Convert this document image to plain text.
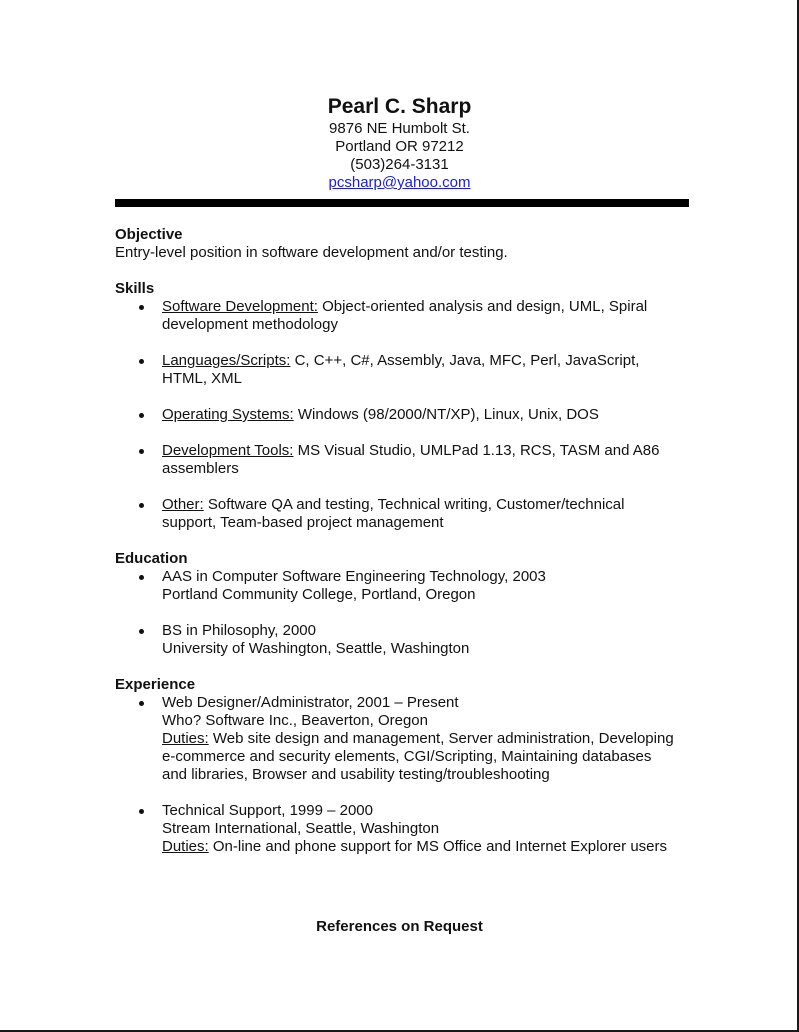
Pearl C. Sharp

9876 NE Humbolt St.

Portland OR 97212

(503)264-3131

pcsharp@yahoo.com

Objective

Entry-level position in software development and/or testing.

Skills

Software Development: Object-oriented analysis and design, UML, Spiral development methodology
Languages/Scripts: C, C++, C#, Assembly, Java, MFC, Perl, JavaScript, HTML, XML
Operating Systems: Windows (98/2000/NT/XP), Linux, Unix, DOS
Development Tools: MS Visual Studio, UMLPad 1.13, RCS, TASM and A86 assemblers
Other: Software QA and testing, Technical writing, Customer/technical support, Team-based project management

Education

AAS in Computer Software Engineering Technology, 2003
Portland Community College, Portland, Oregon
BS in Philosophy, 2000
University of Washington, Seattle, Washington

Experience

Web Designer/Administrator, 2001 – Present
Who? Software Inc., Beaverton, Oregon
Duties: Web site design and management, Server administration, Developing e-commerce and security elements, CGI/Scripting, Maintaining databases and libraries, Browser and usability testing/troubleshooting
Technical Support, 1999 – 2000
Stream International, Seattle, Washington
Duties: On-line and phone support for MS Office and Internet Explorer users
References on Request
